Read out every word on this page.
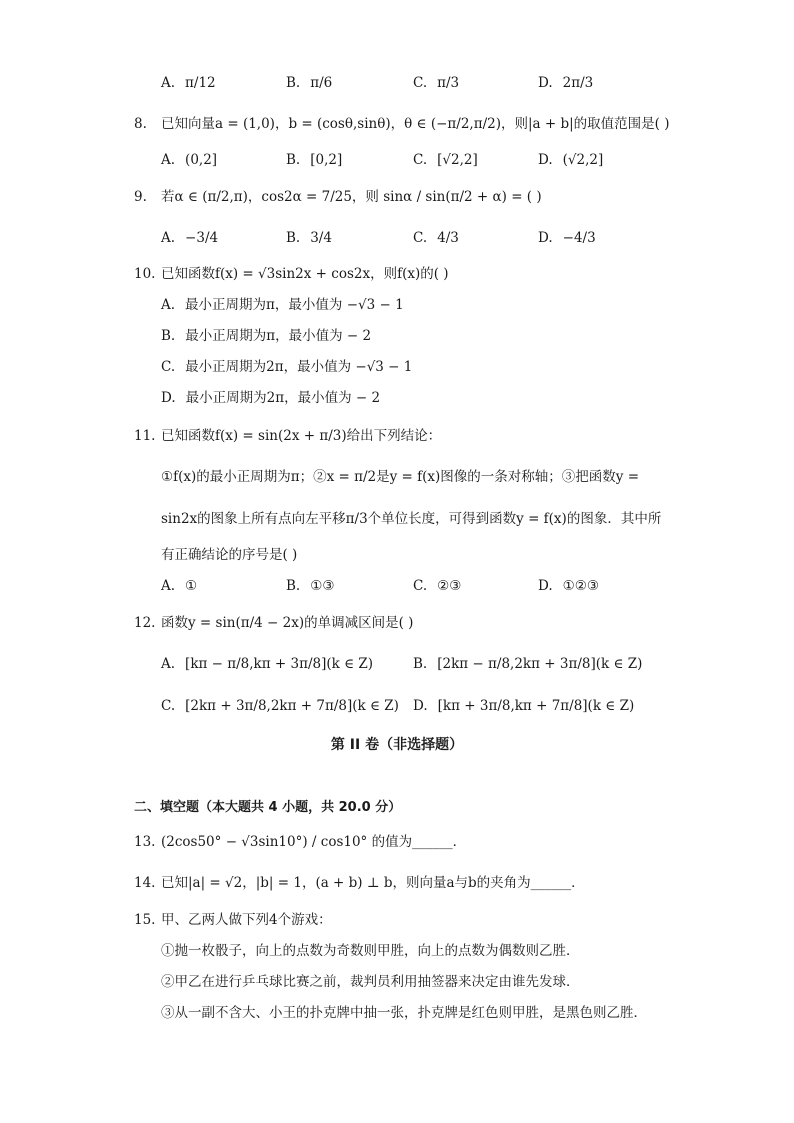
A. π/12	B. π/6	C. π/3	D. 2π/3
8. 已知向量a = (1,0)，b = (cosθ,sinθ)，θ ∈ (−π/2,π/2)，则|a + b|的取值范围是( )
A. (0,2]	B. [0,2]	C. [√2,2]	D. (√2,2]
9. 若α ∈ (π/2,π)，cos2α = 7/25，则 sinα / sin(π/2 + α) = ( )
A. −3/4	B. 3/4	C. 4/3	D. −4/3
10. 已知函数f(x) = √3sin2x + cos2x，则f(x)的( )
A. 最小正周期为π，最小值为 −√3 − 1
B. 最小正周期为π，最小值为 − 2
C. 最小正周期为2π，最小值为 −√3 − 1
D. 最小正周期为2π，最小值为 − 2
11. 已知函数f(x) = sin(2x + π/3)给出下列结论：
①f(x)的最小正周期为π；②x = π/2是y = f(x)图像的一条对称轴；③把函数y =
sin2x的图象上所有点向左平移π/3个单位长度，可得到函数y = f(x)的图象．其中所
有正确结论的序号是( )
A. ①	B. ①③	C. ②③	D. ①②③
12. 函数y = sin(π/4 − 2x)的单调减区间是( )
A. [kπ − π/8,kπ + 3π/8](k ∈ Z)	B. [2kπ − π/8,2kπ + 3π/8](k ∈ Z)
C. [2kπ + 3π/8,2kπ + 7π/8](k ∈ Z) D. [kπ + 3π/8,kπ + 7π/8](k ∈ Z)
第 II 卷（非选择题）
二、填空题（本大题共 4 小题，共 20.0 分）
13. (2cos50° − √3sin10°) / cos10° 的值为______．
14. 已知|a| = √2，|b| = 1，(a + b) ⊥ b，则向量a与b的夹角为______．
15. 甲、乙两人做下列4个游戏：
①抛一枚骰子，向上的点数为奇数则甲胜，向上的点数为偶数则乙胜．
②甲乙在进行乒乓球比赛之前，裁判员利用抽签器来决定由谁先发球．
③从一副不含大、小王的扑克牌中抽一张，扑克牌是红色则甲胜，是黑色则乙胜．
